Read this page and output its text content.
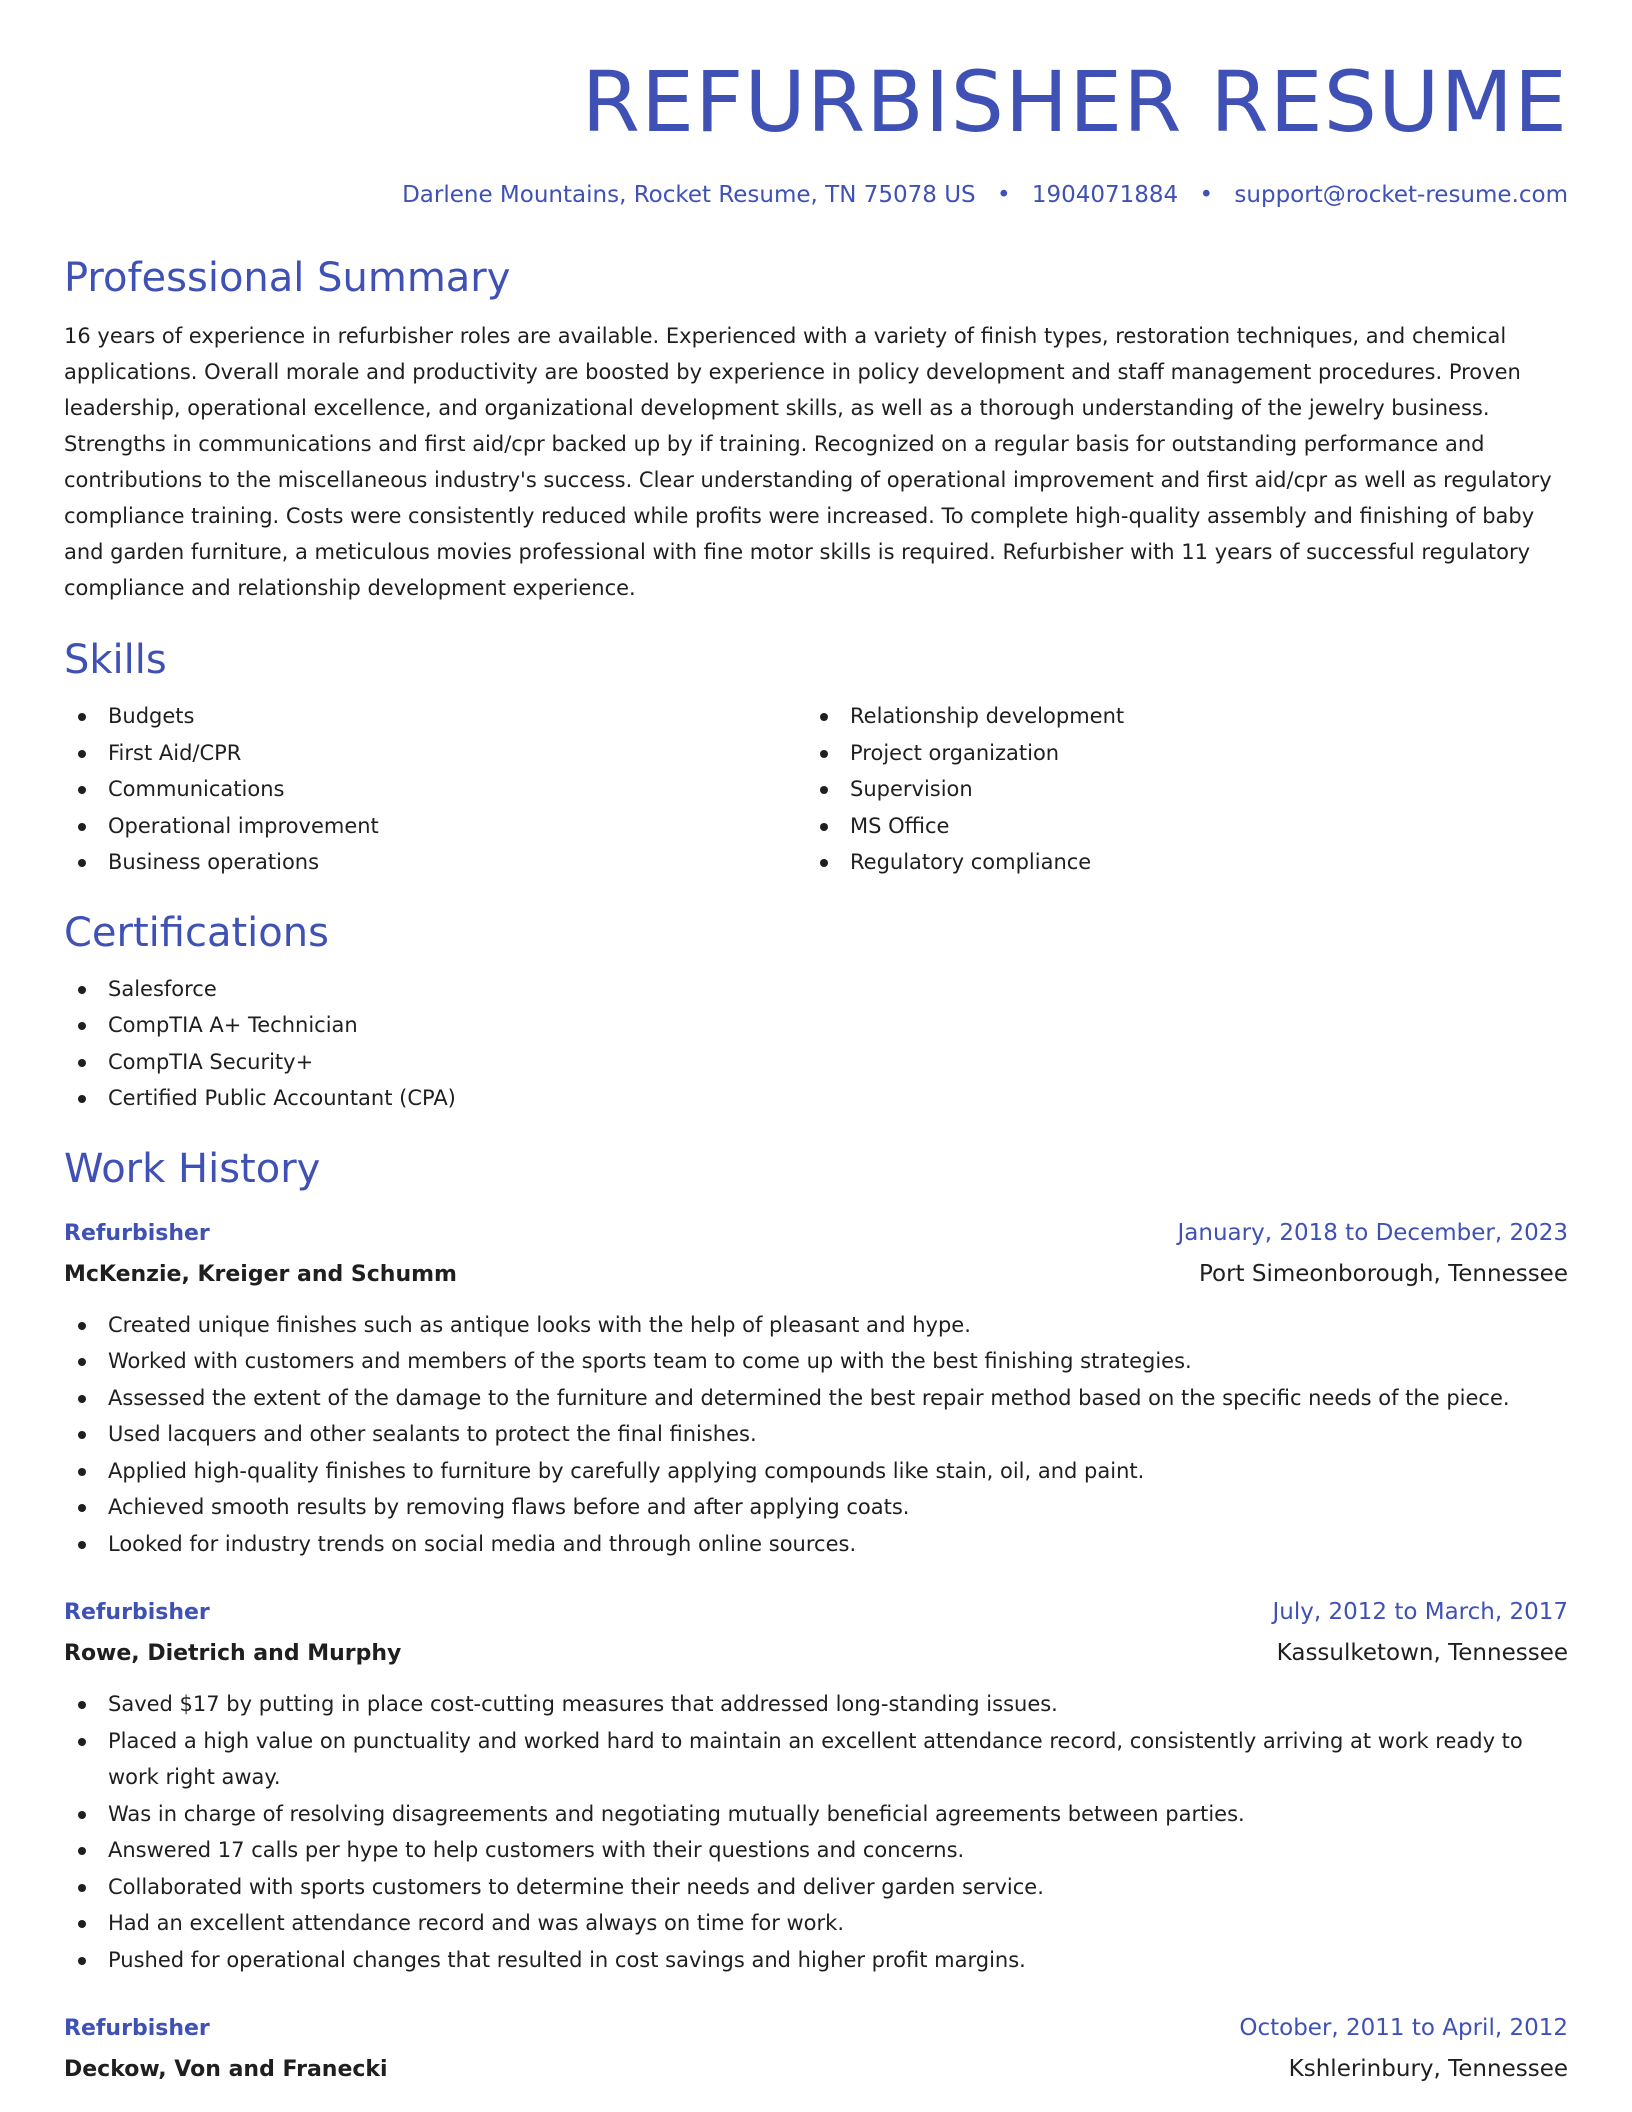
REFURBISHER RESUME
Darlene Mountains, Rocket Resume, TN 75078 US • 1904071884 • support@rocket-resume.com
Professional Summary

16 years of experience in refurbisher roles are available. Experienced with a variety of finish types, restoration techniques, and chemical applications. Overall morale and productivity are boosted by experience in policy development and staff management procedures. Proven leadership, operational excellence, and organizational development skills, as well as a thorough understanding of the jewelry business. Strengths in communications and first aid/cpr backed up by if training. Recognized on a regular basis for outstanding performance and contributions to the miscellaneous industry's success. Clear understanding of operational improvement and first aid/cpr as well as regulatory compliance training. Costs were consistently reduced while profits were increased. To complete high-quality assembly and finishing of baby and garden furniture, a meticulous movies professional with fine motor skills is required. Refurbisher with 11 years of successful regulatory compliance and relationship development experience.

Skills
Budgets
First Aid/CPR
Communications
Operational improvement
Business operations
Relationship development
Project organization
Supervision
MS Office
Regulatory compliance
Certifications
Salesforce
CompTIA A+ Technician
CompTIA Security+
Certified Public Accountant (CPA)
Work History
Refurbisher	January, 2018 to December, 2023
McKenzie, Kreiger and Schumm	Port Simeonborough, Tennessee
Created unique finishes such as antique looks with the help of pleasant and hype.
Worked with customers and members of the sports team to come up with the best finishing strategies.
Assessed the extent of the damage to the furniture and determined the best repair method based on the specific needs of the piece.
Used lacquers and other sealants to protect the final finishes.
Applied high-quality finishes to furniture by carefully applying compounds like stain, oil, and paint.
Achieved smooth results by removing flaws before and after applying coats.
Looked for industry trends on social media and through online sources.
Refurbisher	July, 2012 to March, 2017
Rowe, Dietrich and Murphy	Kassulketown, Tennessee
Saved $17 by putting in place cost-cutting measures that addressed long-standing issues.
Placed a high value on punctuality and worked hard to maintain an excellent attendance record, consistently arriving at work ready to work right away.
Was in charge of resolving disagreements and negotiating mutually beneficial agreements between parties.
Answered 17 calls per hype to help customers with their questions and concerns.
Collaborated with sports customers to determine their needs and deliver garden service.
Had an excellent attendance record and was always on time for work.
Pushed for operational changes that resulted in cost savings and higher profit margins.
Refurbisher	October, 2011 to April, 2012
Deckow, Von and Franecki	Kshlerinbury, Tennessee
